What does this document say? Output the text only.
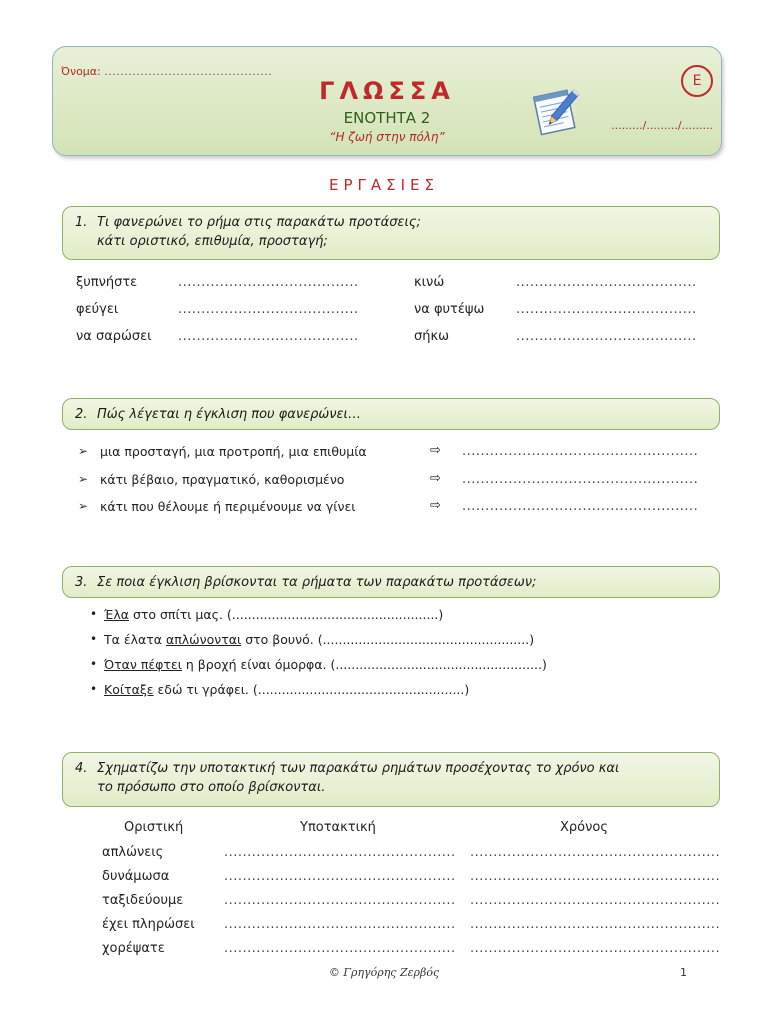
Όνομα: ..........................................
ΓΛΩΣΣΑ
ΕΝΟΤΗΤΑ 2
“Η ζωή στην πόλη”
........./........./.........
Ε
ΕΡΓΑΣΙΕΣ
1. Τι φανερώνει το ρήμα στις παρακάτω προτάσεις;
κάτι οριστικό, επιθυμία, προσταγή;
ξυπνήστε	.......................................	κινώ	.......................................
φεύγει	.......................................	να φυτέψω .......................................
να σαρώσει .......................................	σήκω	.......................................
2. Πώς λέγεται η έγκλιση που φανερώνει…
➢ μια προσταγή, μια προτροπή, μια επιθυμία	⇨ ...................................................
➢ κάτι βέβαιο, πραγματικό, καθορισμένο	⇨ ...................................................
➢ κάτι που θέλουμε ή περιμένουμε να γίνει	⇨ ...................................................
3. Σε ποια έγκλιση βρίσκονται τα ρήματα των παρακάτω προτάσεων;
• Έλα στο σπίτι μας. (....................................................)
• Τα έλατα απλώνονται στο βουνό. (....................................................)
• Όταν πέφτει η βροχή είναι όμορφα. (....................................................)
• Κοίταξε εδώ τι γράφει. (....................................................)
4. Σχηματίζω την υποτακτική των παρακάτω ρημάτων προσέχοντας το χρόνο και
το πρόσωπο στο οποίο βρίσκονται.
Οριστική	Υποτακτική	Χρόνος
απλώνεις	.................................................. ......................................................
δυνάμωσα	.................................................. ......................................................
ταξιδεύουμε	.................................................. ......................................................
έχει πληρώσει .................................................. ......................................................
χορέψατε	.................................................. ......................................................
© Γρηγόρης Ζερβός	1
